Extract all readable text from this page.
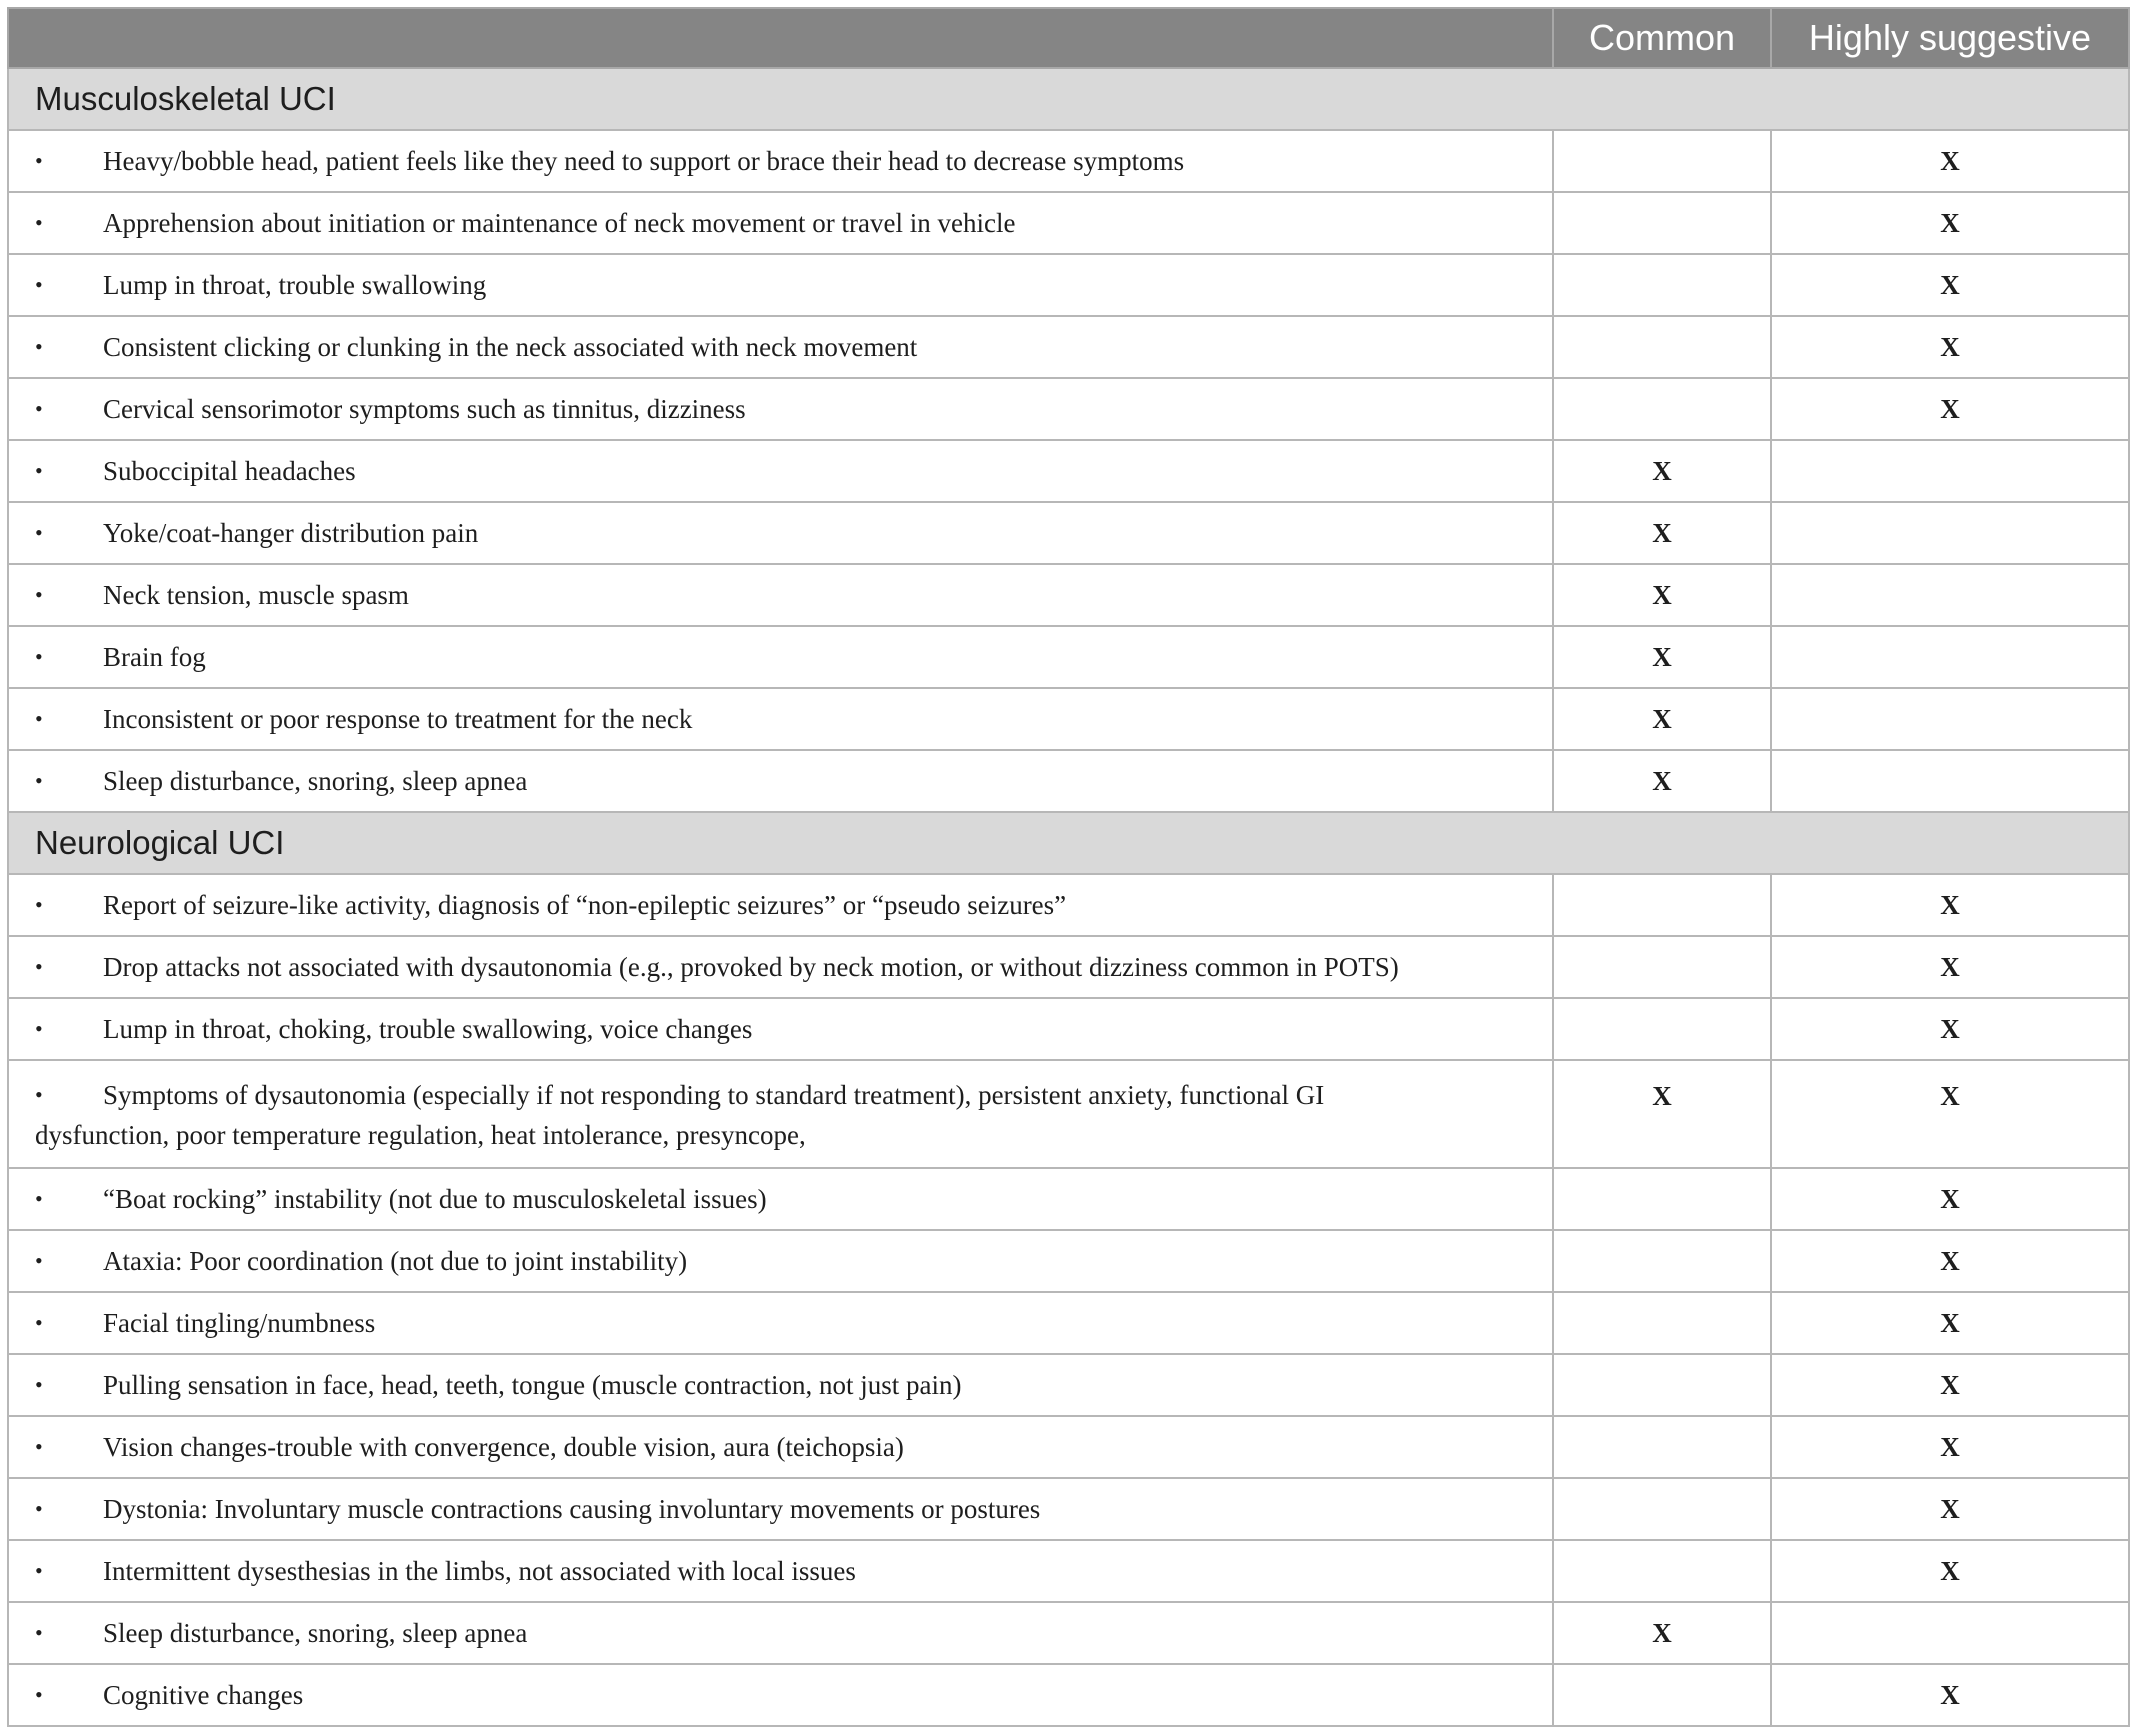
	Common	Highly suggestive
Musculoskeletal UCI		

• Heavy/bobble head, patient feels like they need to support or brace their head to decrease symptoms		X

• Apprehension about initiation or maintenance of neck movement or travel in vehicle		X

• Lump in throat, trouble swallowing		X

• Consistent clicking or clunking in the neck associated with neck movement		X

• Cervical sensorimotor symptoms such as tinnitus, dizziness		X

• Suboccipital headaches	X	

• Yoke/coat-hanger distribution pain	X	

• Neck tension, muscle spasm	X	

• Brain fog	X	

• Inconsistent or poor response to treatment for the neck	X	

• Sleep disturbance, snoring, sleep apnea	X	
Neurological UCI		

• Report of seizure-like activity, diagnosis of “non-epileptic seizures” or “pseudo seizures”		X

• Drop attacks not associated with dysautonomia (e.g., provoked by neck motion, or without dizziness common in POTS)		X

• Lump in throat, choking, trouble swallowing, voice changes		X

• Symptoms of dysautonomia (especially if not responding to standard treatment), persistent anxiety, functional GI
dysfunction, poor temperature regulation, heat intolerance, presyncope,	X	X

• “Boat rocking” instability (not due to musculoskeletal issues)		X

• Ataxia: Poor coordination (not due to joint instability)		X

• Facial tingling/numbness		X

• Pulling sensation in face, head, teeth, tongue (muscle contraction, not just pain)		X

• Vision changes-trouble with convergence, double vision, aura (teichopsia)		X

• Dystonia: Involuntary muscle contractions causing involuntary movements or postures		X

• Intermittent dysesthesias in the limbs, not associated with local issues		X

• Sleep disturbance, snoring, sleep apnea	X	

• Cognitive changes		X
